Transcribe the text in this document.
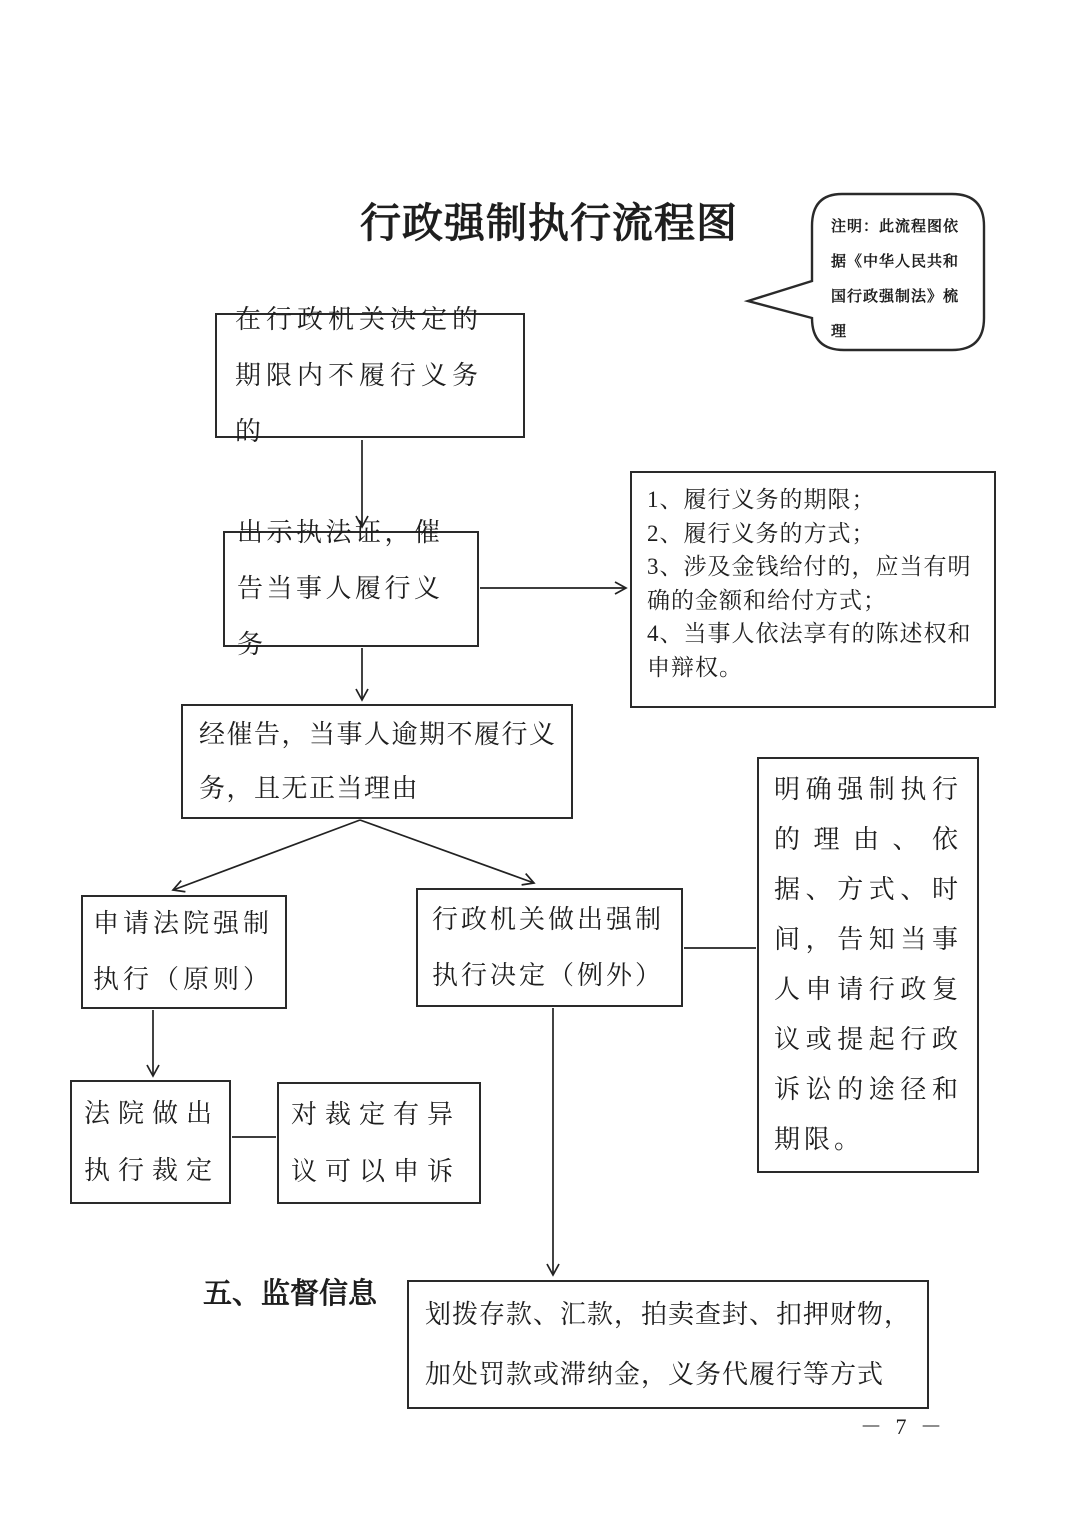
行政强制执行流程图	注明：此流程图依据《中华人民共和国行政强制法》梳理
在行政机关决定的期限内不履行义务的
出示执法证，催告当事人履行义务
1、履行义务的期限；
2、履行义务的方式；
3、涉及金钱给付的，应当有明确的金额和给付方式；
4、当事人依法享有的陈述权和申辩权。
经催告，当事人逾期不履行义务，且无正当理由
申请法院强制执行（原则）
行政机关做出强制执行决定（例外）
明确强制执行的理由、依据、方式、时间，告知当事人申请行政复议或提起行政诉讼的途径和期限。
法院做出执行裁定
对裁定有异议可以申诉
划拨存款、汇款，拍卖查封、扣押财物，加处罚款或滞纳金，义务代履行等方式
五、监督信息
－ 7 －
